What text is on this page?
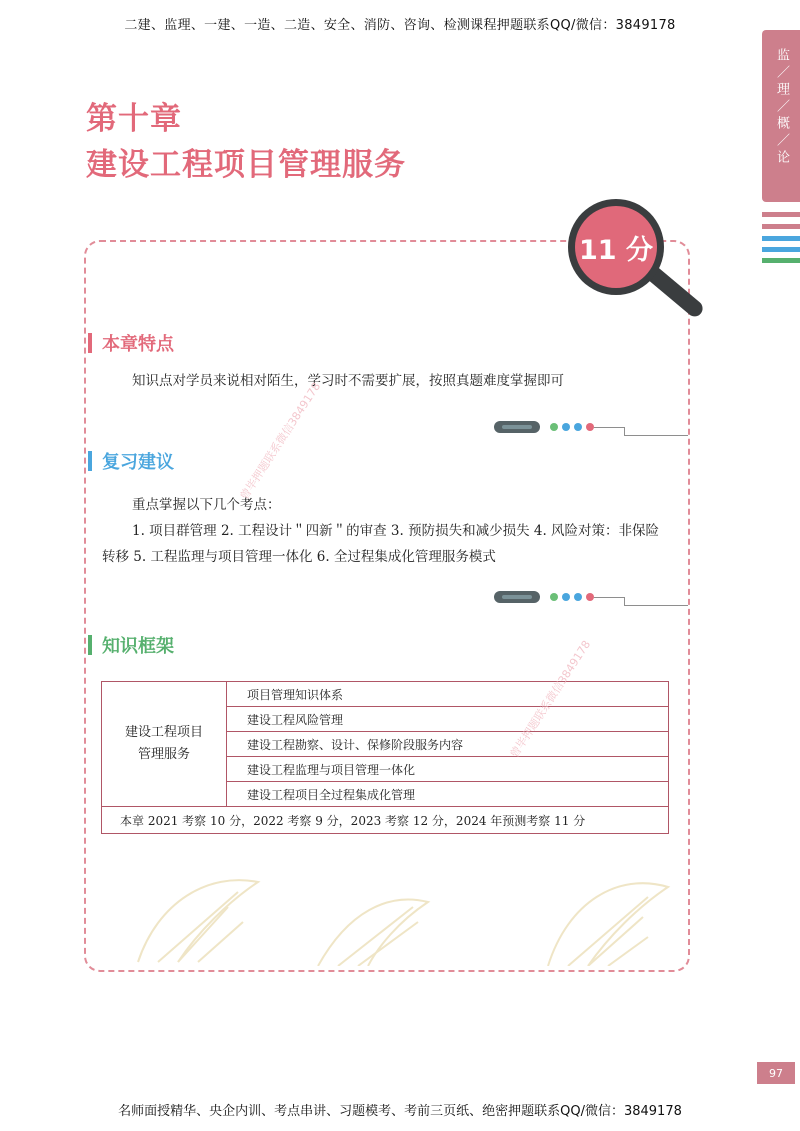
二建、监理、一建、一造、二造、安全、消防、咨询、检测课程押题联系QQ/微信：3849178
监／理／概／论
第十章
建设工程项目管理服务
11 分
本章特点
知识点对学员来说相对陌生，学习时不需要扩展，按照真题难度掌握即可
复习建议
重点掌握以下几个考点：
1. 项目群管理 2. 工程设计＂四新＂的审查 3. 预防损失和减少损失 4. 风险对策：非保险
转移 5. 工程监理与项目管理一体化 6. 全过程集成化管理服务模式
知识框架
建设工程项目
管理服务
	项目管理知识体系
建设工程风险管理
建设工程勘察、设计、保修阶段服务内容
建设工程监理与项目管理一体化
建设工程项目全过程集成化管理
本章 2021 考察 10 分，2022 考察 9 分，2023 考察 12 分，2024 年预测考察 11 分
曾毕押题联系微信3849178
曾毕押题联系微信3849178
97
名师面授精华、央企内训、考点串讲、习题模考、考前三页纸、绝密押题联系QQ/微信：3849178
